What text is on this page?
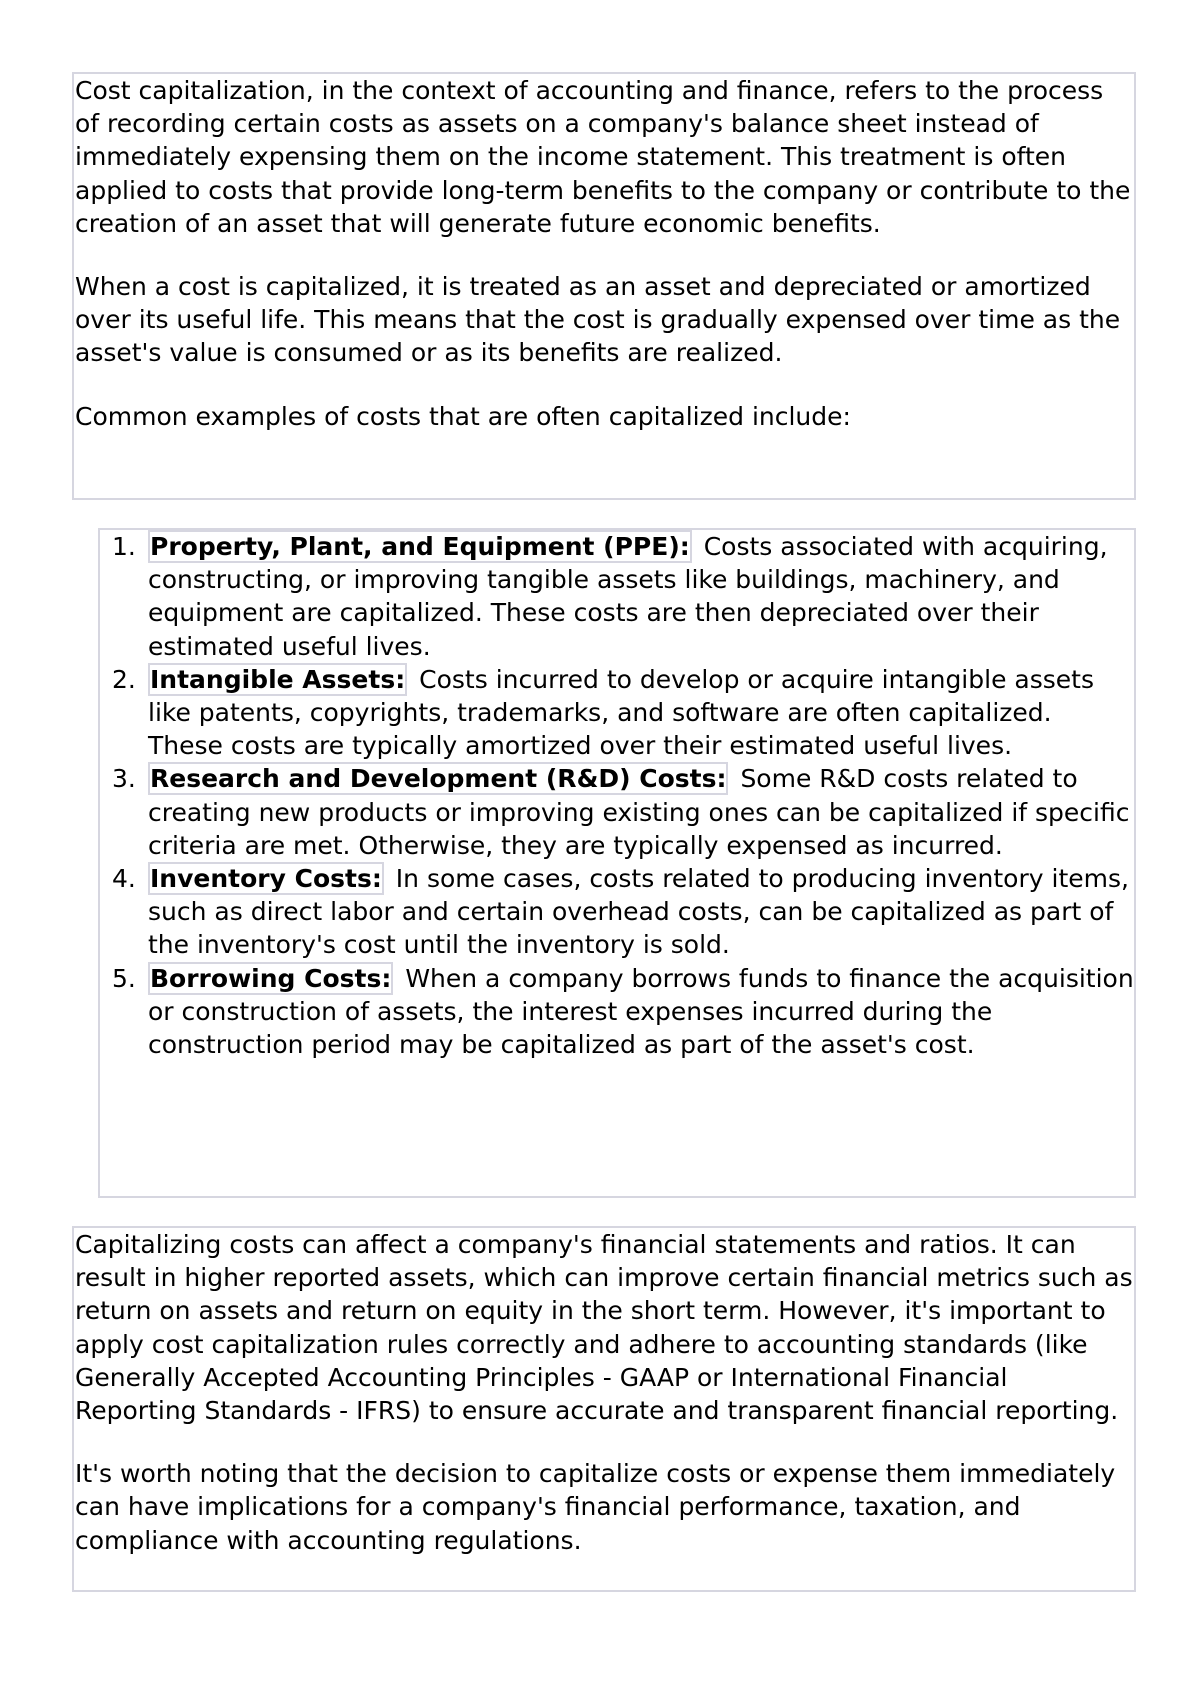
Cost capitalization, in the context of accounting and finance, refers to the process of recording certain costs as assets on a company's balance sheet instead of immediately expensing them on the income statement. This treatment is often applied to costs that provide long-term benefits to the company or contribute to the creation of an asset that will generate future economic benefits.

When a cost is capitalized, it is treated as an asset and depreciated or amortized over its useful life. This means that the cost is gradually expensed over time as the asset's value is consumed or as its benefits are realized.

Common examples of costs that are often capitalized include:

1. Property, Plant, and Equipment (PPE): Costs associated with acquiring, constructing, or improving tangible assets like buildings, machinery, and equipment are capitalized. These costs are then depreciated over their estimated useful lives.
2. Intangible Assets: Costs incurred to develop or acquire intangible assets like patents, copyrights, trademarks, and software are often capitalized. These costs are typically amortized over their estimated useful lives.
3. Research and Development (R&D) Costs: Some R&D costs related to creating new products or improving existing ones can be capitalized if specific criteria are met. Otherwise, they are typically expensed as incurred.
4. Inventory Costs: In some cases, costs related to producing inventory items, such as direct labor and certain overhead costs, can be capitalized as part of the inventory's cost until the inventory is sold.
5. Borrowing Costs: When a company borrows funds to finance the acquisition or construction of assets, the interest expenses incurred during the construction period may be capitalized as part of the asset's cost.

Capitalizing costs can affect a company's financial statements and ratios. It can result in higher reported assets, which can improve certain financial metrics such as return on assets and return on equity in the short term. However, it's important to apply cost capitalization rules correctly and adhere to accounting standards (like Generally Accepted Accounting Principles - GAAP or International Financial Reporting Standards - IFRS) to ensure accurate and transparent financial reporting.

It's worth noting that the decision to capitalize costs or expense them immediately can have implications for a company's financial performance, taxation, and compliance with accounting regulations.
